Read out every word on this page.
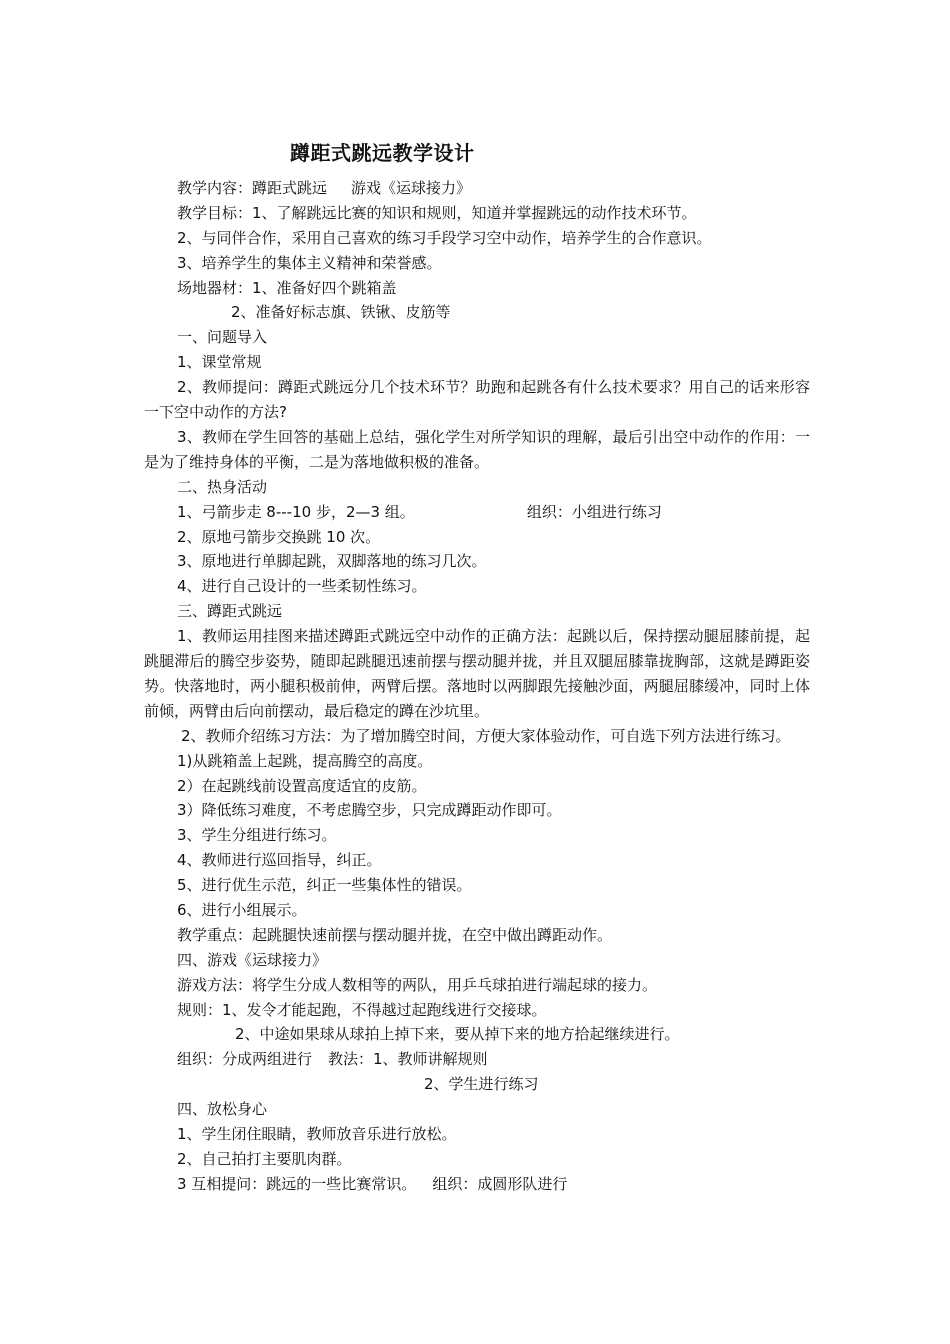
蹲距式跳远教学设计
教学内容：蹲距式跳远 游戏《运球接力》
教学目标：1、了解跳远比赛的知识和规则，知道并掌握跳远的动作技术环节。
2、与同伴合作，采用自己喜欢的练习手段学习空中动作，培养学生的合作意识。
3、培养学生的集体主义精神和荣誉感。
场地器材：1、准备好四个跳箱盖
2、准备好标志旗、铁锹、皮筋等
一、问题导入
1、课堂常规
2、教师提问：蹲距式跳远分几个技术环节？助跑和起跳各有什么技术要求？用自己的话来形容一下空中动作的方法?
3、教师在学生回答的基础上总结，强化学生对所学知识的理解，最后引出空中动作的作用：一是为了维持身体的平衡，二是为落地做积极的准备。
二、热身活动
1、弓箭步走 8---10 步，2—3 组。	组织：小组进行练习
2、原地弓箭步交换跳 10 次。
3、原地进行单脚起跳，双脚落地的练习几次。
4、进行自己设计的一些柔韧性练习。
三、蹲距式跳远
1、教师运用挂图来描述蹲距式跳远空中动作的正确方法：起跳以后，保持摆动腿屈膝前提，起跳腿滞后的腾空步姿势，随即起跳腿迅速前摆与摆动腿并拢，并且双腿屈膝靠拢胸部，这就是蹲距姿势。快落地时，两小腿积极前伸，两臂后摆。落地时以两脚跟先接触沙面，两腿屈膝缓冲，同时上体前倾，两臂由后向前摆动，最后稳定的蹲在沙坑里。
2、教师介绍练习方法：为了增加腾空时间，方便大家体验动作，可自选下列方法进行练习。
1)从跳箱盖上起跳，提高腾空的高度。
2）在起跳线前设置高度适宜的皮筋。
3）降低练习难度，不考虑腾空步，只完成蹲距动作即可。
3、学生分组进行练习。
4、教师进行巡回指导，纠正。
5、进行优生示范，纠正一些集体性的错误。
6、进行小组展示。
教学重点：起跳腿快速前摆与摆动腿并拢，在空中做出蹲距动作。
四、游戏《运球接力》
游戏方法：将学生分成人数相等的两队，用乒乓球拍进行端起球的接力。
规则：1、发令才能起跑，不得越过起跑线进行交接球。
2、中途如果球从球拍上掉下来，要从掉下来的地方拾起继续进行。
组织：分成两组进行 教法：1、教师讲解规则
2、学生进行练习
四、放松身心
1、学生闭住眼睛，教师放音乐进行放松。
2、自己拍打主要肌肉群。
3 互相提问：跳远的一些比赛常识。 组织：成圆形队进行
